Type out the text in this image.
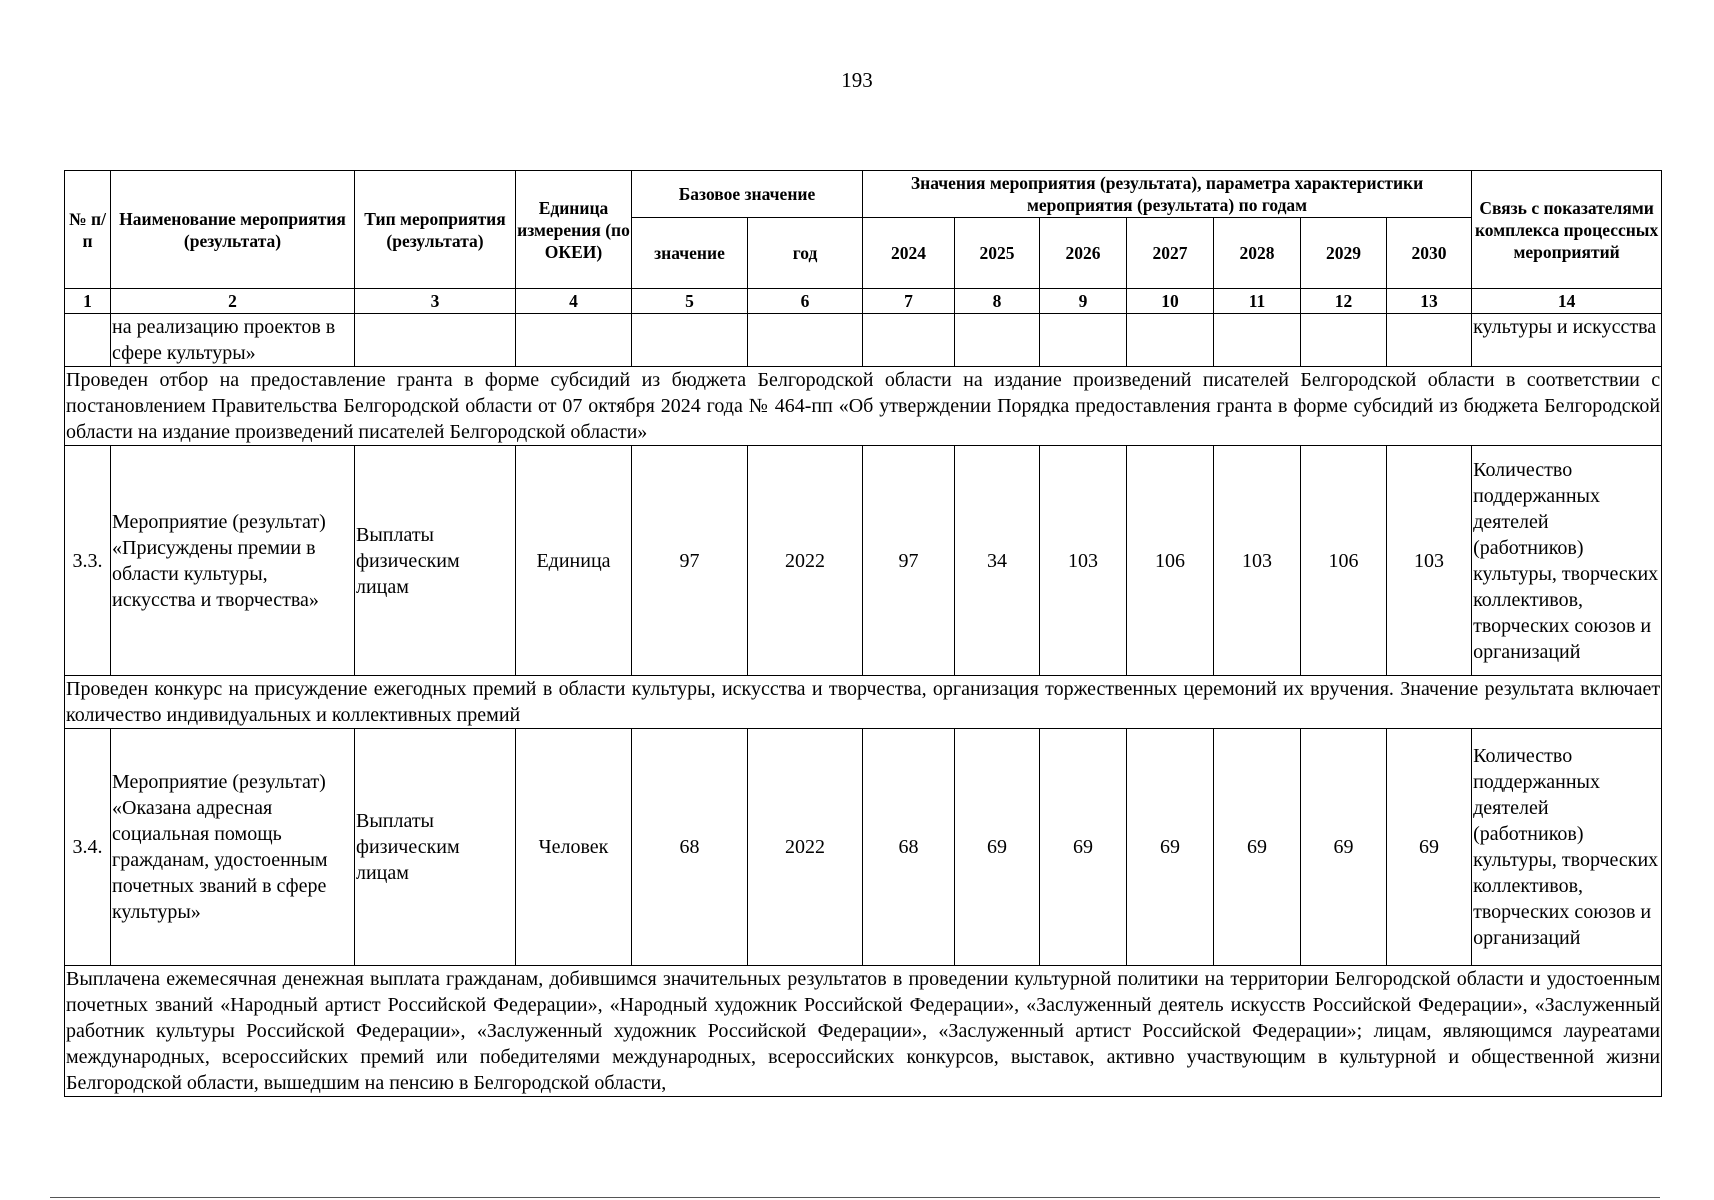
193
№ п/п	Наименование мероприятия (результата)	Тип мероприятия (результата)	Единица измерения (по ОКЕИ)	Базовое значение		Значения мероприятия (результата), параметра характеристики мероприятия (результата) по годам							Связь с показателями комплекса процессных мероприятий
				значение	год	2024	2025	2026	2027	2028	2029	2030	
1	2	3	4	5	6	7	8	9	10	11	12	13	14
	на реализацию проектов в сфере культуры»												культуры и искусства
Проведен отбор на предоставление гранта в форме субсидий из бюджета Белгородской области на издание произведений писателей Белгородской области в соответствии с постановлением Правительства Белгородской области от 07 октября 2024 года № 464-пп «Об утверждении Порядка предоставления гранта в форме субсидий из бюджета Белгородской области на издание произведений писателей Белгородской области»													
3.3.	Мероприятие (результат) «Присуждены премии в области культуры, искусства и творчества»	Выплаты физическим лицам	Единица	97	2022	97	34	103	106	103	106	103	Количество поддержанных деятелей (работников) культуры, творческих коллективов, творческих союзов и организаций
Проведен конкурс на присуждение ежегодных премий в области культуры, искусства и творчества, организация торжественных церемоний их вручения. Значение результата включает количество индивидуальных и коллективных премий													
3.4.	Мероприятие (результат) «Оказана адресная социальная помощь гражданам, удостоенным почетных званий в сфере культуры»	Выплаты физическим лицам	Человек	68	2022	68	69	69	69	69	69	69	Количество поддержанных деятелей (работников) культуры, творческих коллективов, творческих союзов и организаций
Выплачена ежемесячная денежная выплата гражданам, добившимся значительных результатов в проведении культурной политики на территории Белгородской области и удостоенным почетных званий «Народный артист Российской Федерации», «Народный художник Российской Федерации», «Заслуженный деятель искусств Российской Федерации», «Заслуженный работник культуры Российской Федерации», «Заслуженный художник Российской Федерации», «Заслуженный артист Российской Федерации»; лицам, являющимся лауреатами международных, всероссийских премий или победителями международных, всероссийских конкурсов, выставок, активно участвующим в культурной и общественной жизни Белгородской области, вышедшим на пенсию в Белгородской области,													
